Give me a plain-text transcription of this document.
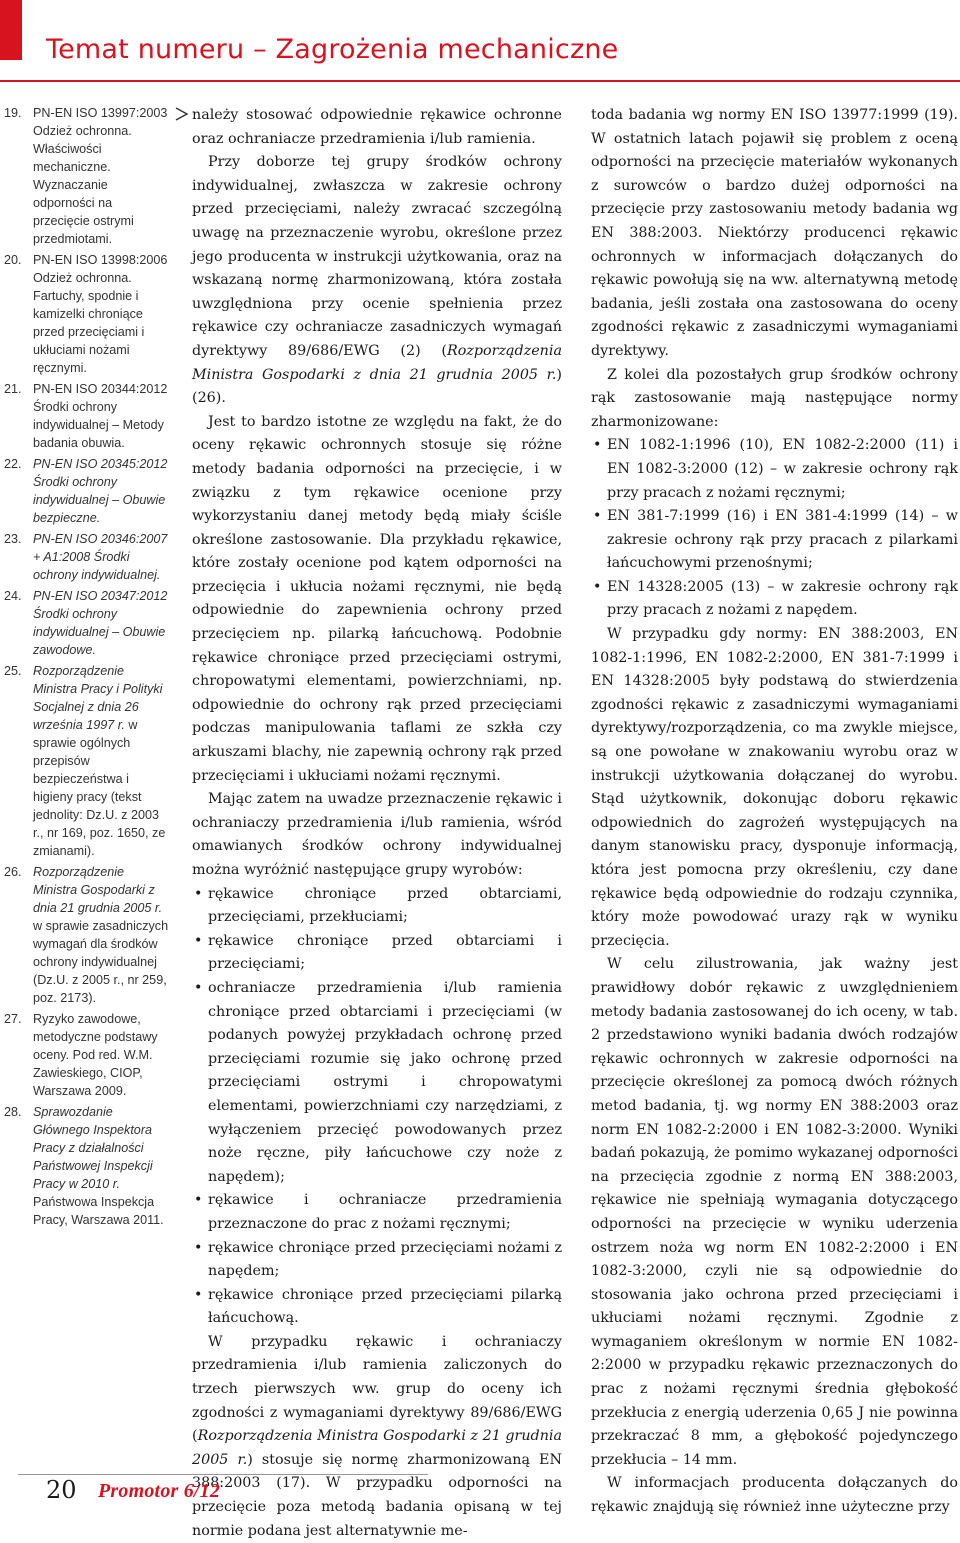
Temat numeru – Zagrożenia mechaniczne
19. PN-EN ISO 13997:2003 Odzież ochronna. Właściwości mechaniczne. Wyznaczanie odporności na przecięcie ostrymi przedmiotami.
20. PN-EN ISO 13998:2006 Odzież ochronna. Fartuchy, spodnie i kamizelki chroniące przed przecięciami i ukłuciami nożami ręcznymi.
21. PN-EN ISO 20344:2012 Środki ochrony indywidualnej – Metody badania obuwia.
22. PN-EN ISO 20345:2012 Środki ochrony indywidualnej – Obuwie bezpieczne.
23. PN-EN ISO 20346:2007 + A1:2008 Środki ochrony indywidualnej.
24. PN-EN ISO 20347:2012 Środki ochrony indywidualnej – Obuwie zawodowe.
25. Rozporządzenie Ministra Pracy i Polityki Socjalnej z dnia 26 września 1997 r. w sprawie ogólnych przepisów bezpieczeństwa i higieny pracy (tekst jednolity: Dz.U. z 2003 r., nr 169, poz. 1650, ze zmianami).
26. Rozporządzenie Ministra Gospodarki z dnia 21 grudnia 2005 r. w sprawie zasadniczych wymagań dla środków ochrony indywidualnej (Dz.U. z 2005 r., nr 259, poz. 2173).
27. Ryzyko zawodowe, metodyczne podstawy oceny. Pod red. W.M. Zawieskiego, CIOP, Warszawa 2009.
28. Sprawozdanie Głównego Inspektora Pracy z działalności Państwowej Inspekcji Pracy w 2010 r. Państwowa Inspekcja Pracy, Warszawa 2011.

należy stosować odpowiednie rękawice ochronne oraz ochraniacze przedramienia i/lub ramienia.

Przy doborze tej grupy środków ochrony indywidualnej, zwłaszcza w zakresie ochrony przed przecięciami, należy zwracać szczególną uwagę na przeznaczenie wyrobu, określone przez jego producenta w instrukcji użytkowania, oraz na wskazaną normę zharmonizowaną, która została uwzględniona przy ocenie spełnienia przez rękawice czy ochraniacze zasadniczych wymagań dyrektywy 89/686/EWG (2) (Rozporządzenia Ministra Gospodarki z dnia 21 grudnia 2005 r.) (26).

Jest to bardzo istotne ze względu na fakt, że do oceny rękawic ochronnych stosuje się różne metody badania odporności na przecięcie, i w związku z tym rękawice ocenione przy wykorzystaniu danej metody będą miały ściśle określone zastosowanie. Dla przykładu rękawice, które zostały ocenione pod kątem odporności na przecięcia i ukłucia nożami ręcznymi, nie będą odpowiednie do zapewnienia ochrony przed przecięciem np. pilarką łańcuchową. Podobnie rękawice chroniące przed przecięciami ostrymi, chropowatymi elementami, powierzchniami, np. odpowiednie do ochrony rąk przed przecięciami podczas manipulowania taflami ze szkła czy arkuszami blachy, nie zapewnią ochrony rąk przed przecięciami i ukłuciami nożami ręcznymi.

Mając zatem na uwadze przeznaczenie rękawic i ochraniaczy przedramienia i/lub ramienia, wśród omawianych środków ochrony indywidualnej można wyróżnić następujące grupy wyrobów:

• rękawice chroniące przed obtarciami, przecięciami, przekłuciami;
• rękawice chroniące przed obtarciami i przecięciami;
• ochraniacze przedramienia i/lub ramienia chroniące przed obtarciami i przecięciami (w podanych powyżej przykładach ochronę przed przecięciami rozumie się jako ochronę przed przecięciami ostrymi i chropowatymi elementami, powierzchniami czy narzędziami, z wyłączeniem przecięć powodowanych przez noże ręczne, piły łańcuchowe czy noże z napędem);
• rękawice i ochraniacze przedramienia przeznaczone do prac z nożami ręcznymi;
• rękawice chroniące przed przecięciami nożami z napędem;
• rękawice chroniące przed przecięciami pilarką łańcuchową.

W przypadku rękawic i ochraniaczy przedramienia i/lub ramienia zaliczonych do trzech pierwszych ww. grup do oceny ich zgodności z wymaganiami dyrektywy 89/686/EWG (Rozporządzenia Ministra Gospodarki z 21 grudnia 2005 r.) stosuje się normę zharmonizowaną EN 388:2003 (17). W przypadku odporności na przecięcie poza metodą badania opisaną w tej normie podana jest alternatywnie me-

toda badania wg normy EN ISO 13977:1999 (19). W ostatnich latach pojawił się problem z oceną odporności na przecięcie materiałów wykonanych z surowców o bardzo dużej odporności na przecięcie przy zastosowaniu metody badania wg EN 388:2003. Niektórzy producenci rękawic ochronnych w informacjach dołączanych do rękawic powołują się na ww. alternatywną metodę badania, jeśli została ona zastosowana do oceny zgodności rękawic z zasadniczymi wymaganiami dyrektywy.

Z kolei dla pozostałych grup środków ochrony rąk zastosowanie mają następujące normy zharmonizowane:

• EN 1082-1:1996 (10), EN 1082-2:2000 (11) i EN 1082-3:2000 (12) – w zakresie ochrony rąk przy pracach z nożami ręcznymi;
• EN 381-7:1999 (16) i EN 381-4:1999 (14) – w zakresie ochrony rąk przy pracach z pilarkami łańcuchowymi przenośnymi;
• EN 14328:2005 (13) – w zakresie ochrony rąk przy pracach z nożami z napędem.

W przypadku gdy normy: EN 388:2003, EN 1082-1:1996, EN 1082-2:2000, EN 381-7:1999 i EN 14328:2005 były podstawą do stwierdzenia zgodności rękawic z zasadniczymi wymaganiami dyrektywy/rozporządzenia, co ma zwykle miejsce, są one powołane w znakowaniu wyrobu oraz w instrukcji użytkowania dołączanej do wyrobu. Stąd użytkownik, dokonując doboru rękawic odpowiednich do zagrożeń występujących na danym stanowisku pracy, dysponuje informacją, która jest pomocna przy określeniu, czy dane rękawice będą odpowiednie do rodzaju czynnika, który może powodować urazy rąk w wyniku przecięcia.

W celu zilustrowania, jak ważny jest prawidłowy dobór rękawic z uwzględnieniem metody badania zastosowanej do ich oceny, w tab. 2 przedstawiono wyniki badania dwóch rodzajów rękawic ochronnych w zakresie odporności na przecięcie określonej za pomocą dwóch różnych metod badania, tj. wg normy EN 388:2003 oraz norm EN 1082-2:2000 i EN 1082-3:2000. Wyniki badań pokazują, że pomimo wykazanej odporności na przecięcia zgodnie z normą EN 388:2003, rękawice nie spełniają wymagania dotyczącego odporności na przecięcie w wyniku uderzenia ostrzem noża wg norm EN 1082-2:2000 i EN 1082-3:2000, czyli nie są odpowiednie do stosowania jako ochrona przed przecięciami i ukłuciami nożami ręcznymi. Zgodnie z wymaganiem określonym w normie EN 1082-2:2000 w przypadku rękawic przeznaczonych do prac z nożami ręcznymi średnia głębokość przekłucia z energią uderzenia 0,65 J nie powinna przekraczać 8 mm, a głębokość pojedynczego przekłucia – 14 mm.

W informacjach producenta dołączanych do rękawic znajdują się również inne użyteczne przy

20 Promotor 6/12
